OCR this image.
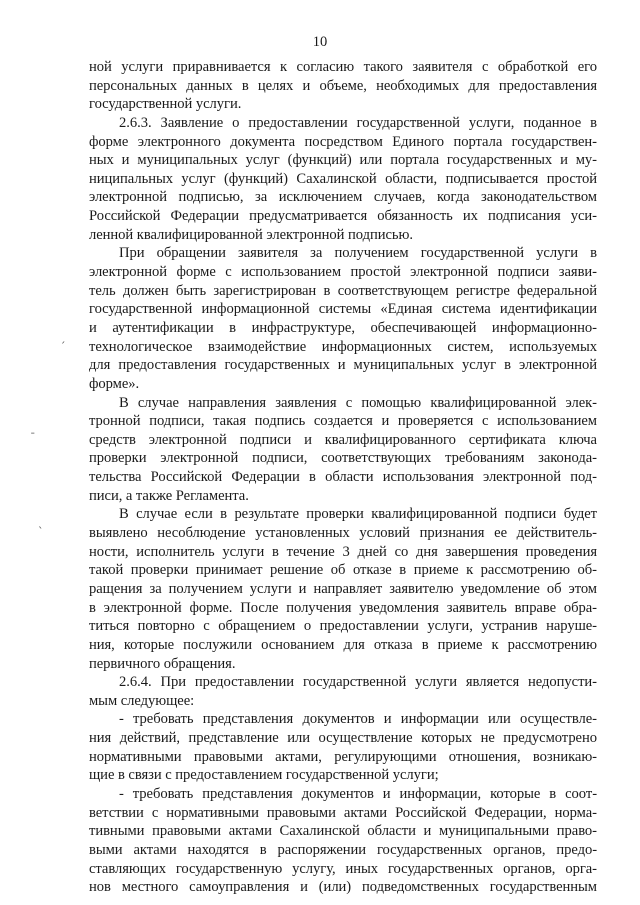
10
ной услуги приравнивается к согласию такого заявителя с обработкой его
персональных данных в целях и объеме, необходимых для предоставления
государственной услуги.
2.6.3. Заявление о предоставлении государственной услуги, поданное в
форме электронного документа посредством Единого портала государствен-
ных и муниципальных услуг (функций) или портала государственных и му-
ниципальных услуг (функций) Сахалинской области, подписывается простой
электронной подписью, за исключением случаев, когда законодательством
Российской Федерации предусматривается обязанность их подписания уси-
ленной квалифицированной электронной подписью.
При обращении заявителя за получением государственной услуги в
электронной форме с использованием простой электронной подписи заяви-
тель должен быть зарегистрирован в соответствующем регистре федеральной
государственной информационной системы «Единая система идентификации
и аутентификации в инфраструктуре, обеспечивающей информационно-
технологическое взаимодействие информационных систем, используемых
для предоставления государственных и муниципальных услуг в электронной
форме».
В случае направления заявления с помощью квалифицированной элек-
тронной подписи, такая подпись создается и проверяется с использованием
средств электронной подписи и квалифицированного сертификата ключа
проверки электронной подписи, соответствующих требованиям законода-
тельства Российской Федерации в области использования электронной под-
писи, а также Регламента.
В случае если в результате проверки квалифицированной подписи будет
выявлено несоблюдение установленных условий признания ее действитель-
ности, исполнитель услуги в течение 3 дней со дня завершения проведения
такой проверки принимает решение об отказе в приеме к рассмотрению об-
ращения за получением услуги и направляет заявителю уведомление об этом
в электронной форме. После получения уведомления заявитель вправе обра-
титься повторно с обращением о предоставлении услуги, устранив наруше-
ния, которые послужили основанием для отказа в приеме к рассмотрению
первичного обращения.
2.6.4. При предоставлении государственной услуги является недопусти-
мым следующее:
- требовать представления документов и информации или осуществле-
ния действий, представление или осуществление которых не предусмотрено
нормативными правовыми актами, регулирующими отношения, возникаю-
щие в связи с предоставлением государственной услуги;
- требовать представления документов и информации, которые в соот-
ветствии с нормативными правовыми актами Российской Федерации, норма-
тивными правовыми актами Сахалинской области и муниципальными право-
выми актами находятся в распоряжении государственных органов, предо-
ставляющих государственную услугу, иных государственных органов, орга-
нов местного самоуправления и (или) подведомственных государственным
ˏ
ˍ
ˎ
